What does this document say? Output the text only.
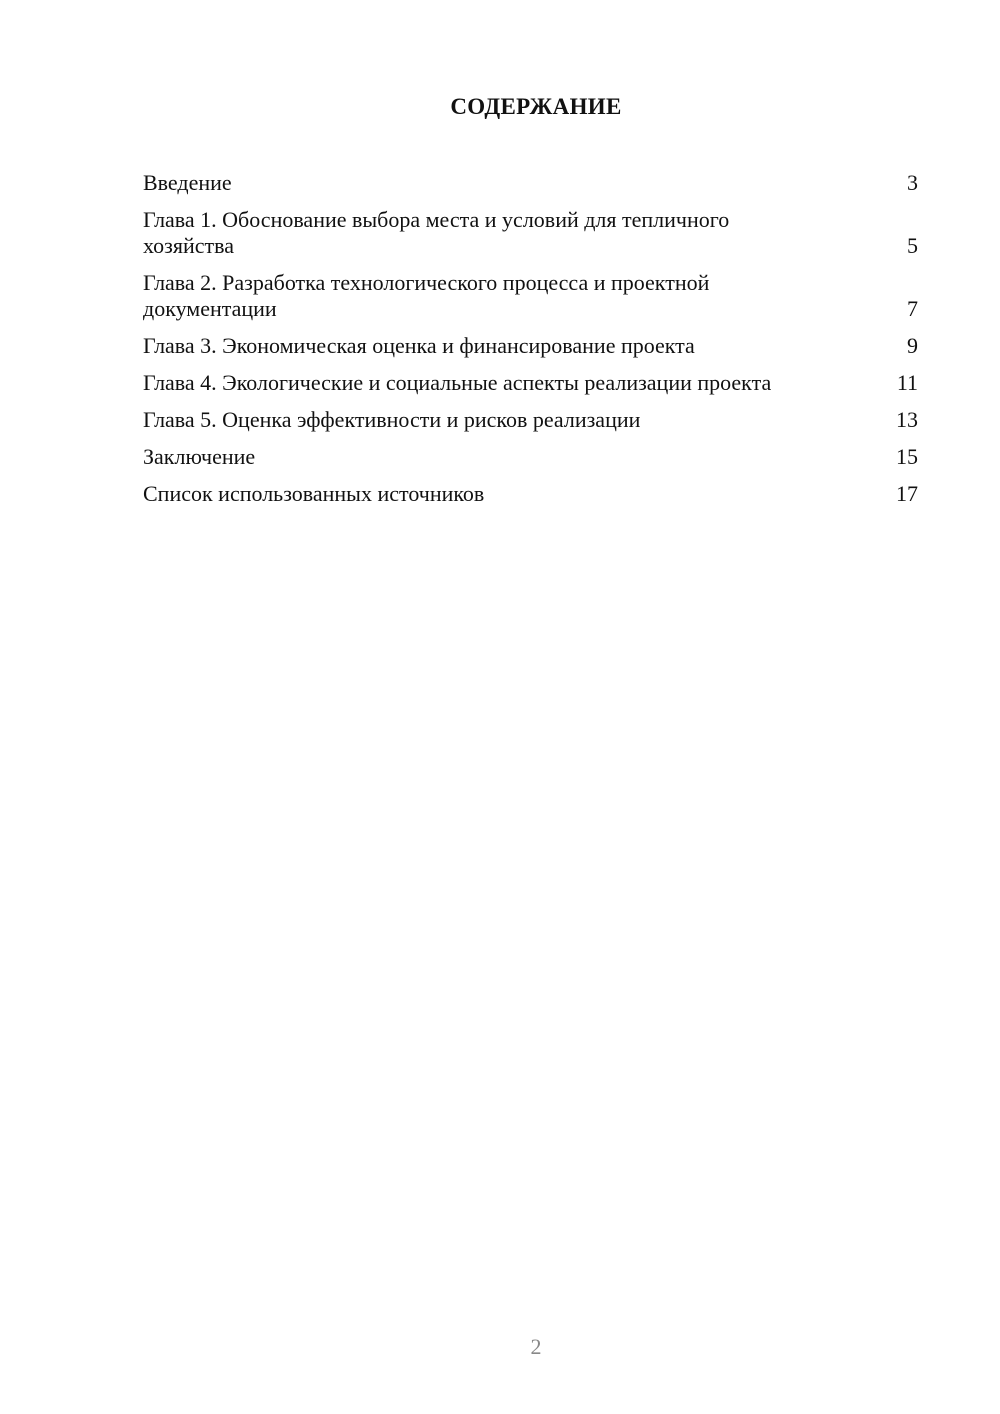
СОДЕРЖАНИЕ
Введение	3
Глава 1. Обоснование выбора места и условий для тепличного хозяйства	5
Глава 2. Разработка технологического процесса и проектной документации	7
Глава 3. Экономическая оценка и финансирование проекта	9
Глава 4. Экологические и социальные аспекты реализации проекта	11
Глава 5. Оценка эффективности и рисков реализации	13
Заключение	15
Список использованных источников	17
2
